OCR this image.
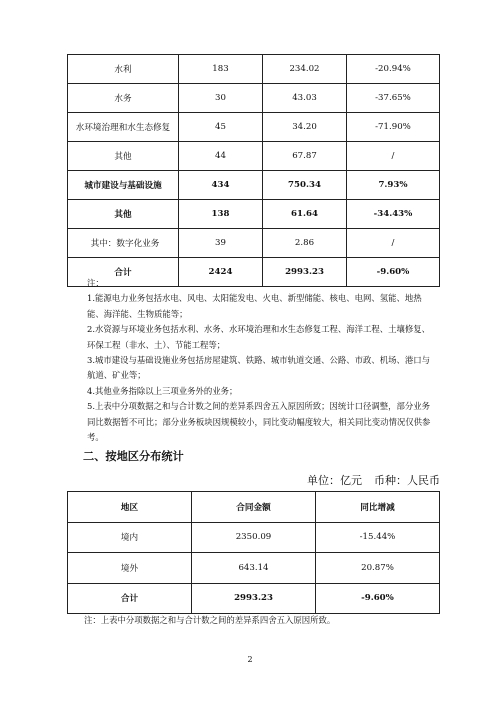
水利	183	234.02	-20.94%
水务	30	43.03	-37.65%
水环境治理和水生态修复	45	34.20	-71.90%
其他	44	67.87	/
城市建设与基础设施	434	750.34	7.93%
其他	138	61.64	-34.43%
其中：数字化业务	39	2.86	/
合计	2424	2993.23	-9.60%

注：

1.能源电力业务包括水电、风电、太阳能发电、火电、新型储能、核电、电网、氢能、地热能、海洋能、生物质能等；

2.水资源与环境业务包括水利、水务、水环境治理和水生态修复工程、海洋工程、土壤修复、环保工程（非水、土）、节能工程等；

3.城市建设与基础设施业务包括房屋建筑、铁路、城市轨道交通、公路、市政、机场、港口与航道、矿业等；

4.其他业务指除以上三项业务外的业务；

5.上表中分项数据之和与合计数之间的差异系四舍五入原因所致；因统计口径调整，部分业务同比数据暂不可比；部分业务板块因规模较小，同比变动幅度较大，相关同比变动情况仅供参考。

二、按地区分布统计
单位：亿元 币种：人民币
地区	合同金额	同比增减
境内	2350.09	-15.44%
境外	643.14	20.87%
合计	2993.23	-9.60%
注：上表中分项数据之和与合计数之间的差异系四舍五入原因所致。
2
